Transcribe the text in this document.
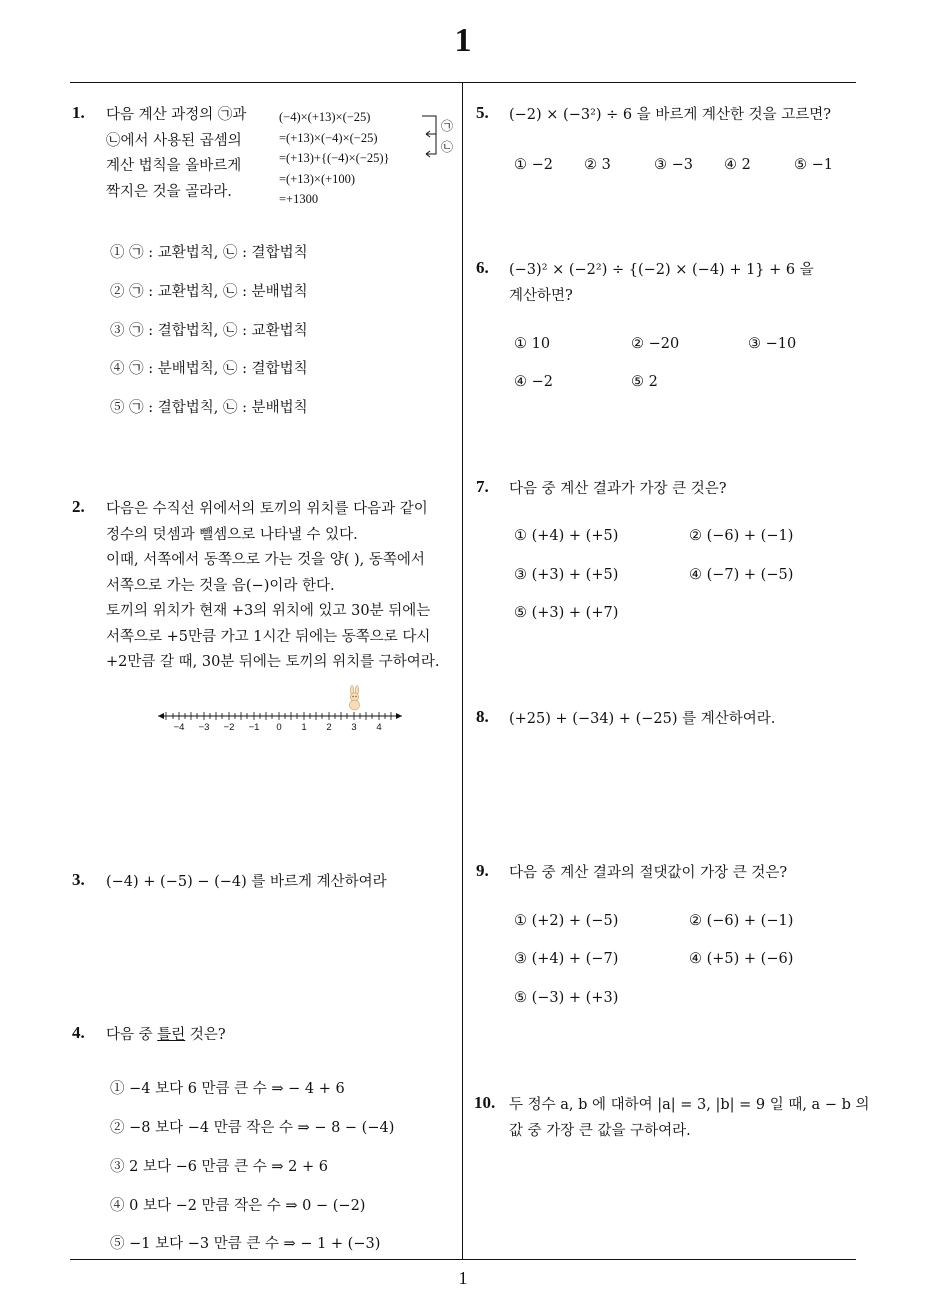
1
1
1. 다음 계산 과정의 ㉠과
㉡에서 사용된 곱셈의
계산 법칙을 올바르게
짝지은 것을 골라라.
(−4)×(+13)×(−25)
=(+13)×(−4)×(−25)
=(+13)+{(−4)×(−25)}
=(+13)×(+100)
=+1300
㉠
㉡
① ㉠ : 교환법칙, ㉡ : 결합법칙
② ㉠ : 교환법칙, ㉡ : 분배법칙
③ ㉠ : 결합법칙, ㉡ : 교환법칙
④ ㉠ : 분배법칙, ㉡ : 결합법칙
⑤ ㉠ : 결합법칙, ㉡ : 분배법칙
2. 다음은 수직선 위에서의 토끼의 위치를 다음과 같이
정수의 덧셈과 뺄셈으로 나타낼 수 있다.
이때, 서쪽에서 동쪽으로 가는 것을 양( ), 동쪽에서
서쪽으로 가는 것을 음(−)이라 한다.
토끼의 위치가 현재 +3의 위치에 있고 30분 뒤에는
서쪽으로 +5만큼 가고 1시간 뒤에는 동쪽으로 다시
+2만큼 갈 때, 30분 뒤에는 토끼의 위치를 구하여라.
−4 −3 −2 −1	0	1	2	3	4
3. (−4) + (−5) − (−4) 를 바르게 계산하여라
4. 다음 중 틀린 것은?
① −4 보다 6 만큼 큰 수 ⇒ − 4 + 6
② −8 보다 −4 만큼 작은 수 ⇒ − 8 − (−4)
③ 2 보다 −6 만큼 큰 수 ⇒ 2 + 6
④ 0 보다 −2 만큼 작은 수 ⇒ 0 − (−2)
⑤ −1 보다 −3 만큼 큰 수 ⇒ − 1 + (−3)
5. (−2) × (−3²) ÷ 6 을 바르게 계산한 것을 고르면?
① −2 ② 3	③ −3 ④ 2	⑤ −1
6. (−3)² × (−2²) ÷ {(−2) × (−4) + 1} + 6 을
계산하면?
① 10	② −20	③ −10
④ −2	⑤ 2
7. 다음 중 계산 결과가 가장 큰 것은?
① (+4) + (+5)	② (−6) + (−1)
③ (+3) + (+5)	④ (−7) + (−5)
⑤ (+3) + (+7)
8. (+25) + (−34) + (−25) 를 계산하여라.
9. 다음 중 계산 결과의 절댓값이 가장 큰 것은?
① (+2) + (−5)	② (−6) + (−1)
③ (+4) + (−7)	④ (+5) + (−6)
⑤ (−3) + (+3)
10. 두 정수 a, b 에 대하여 |a| = 3, |b| = 9 일 때, a − b 의
값 중 가장 큰 값을 구하여라.
